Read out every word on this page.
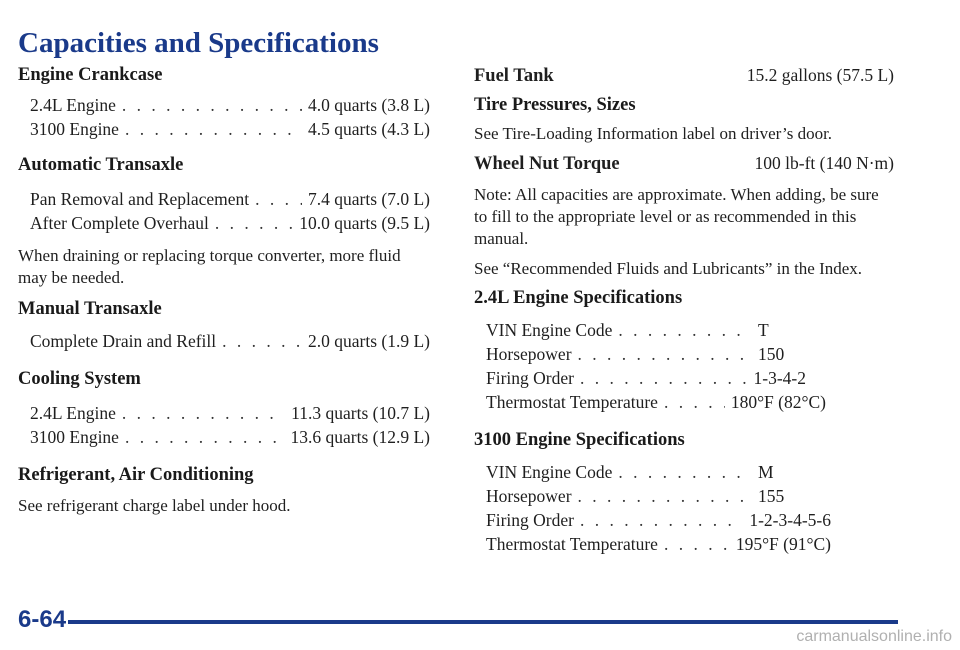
Capacities and Specifications
Engine Crankcase
2.4L Engine . . .	4.0 quarts (3.8 L)
3100 Engine . . .	4.5 quarts (4.3 L)
Automatic Transaxle
Pan Removal and Replacement . . .	7.4 quarts (7.0 L)
After Complete Overhaul . . .	10.0 quarts (9.5 L)

When draining or replacing torque converter, more fluid may be needed.

Manual Transaxle
Complete Drain and Refill . . .	2.0 quarts (1.9 L)
Cooling System
2.4L Engine . . .	11.3 quarts (10.7 L)
3100 Engine . . .	13.6 quarts (12.9 L)
Refrigerant, Air Conditioning

See refrigerant charge label under hood.

Fuel Tank	15.2 gallons (57.5 L)
Tire Pressures, Sizes

See Tire-Loading Information label on driver’s door.

Wheel Nut Torque	100 lb-ft (140 N·m)

Note: All capacities are approximate. When adding, be sure to fill to the appropriate level or as recommended in this manual.

See “Recommended Fluids and Lubricants” in the Index.

2.4L Engine Specifications
VIN Engine Code . . .	T
Horsepower . . .	150
Firing Order . . .	1-3-4-2
Thermostat Temperature . . .	180°F (82°C)
3100 Engine Specifications
VIN Engine Code . . .	M
Horsepower . . .	155
Firing Order . . .	1-2-3-4-5-6
Thermostat Temperature . . .	195°F (91°C)
6-64
carmanualsonline.info
